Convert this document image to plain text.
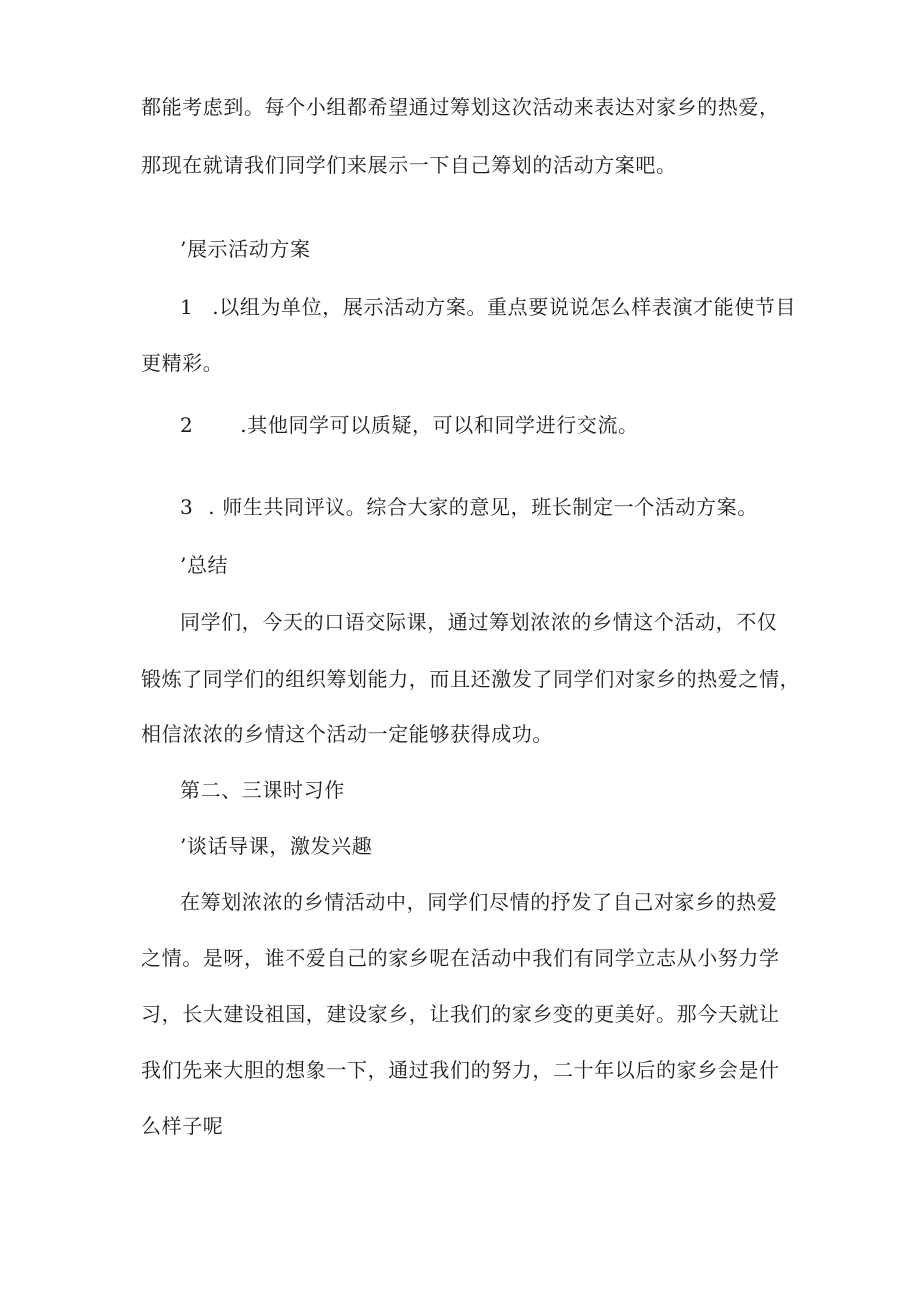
都能考虑到。每个小组都希望通过筹划这次活动来表达对家乡的热爱，
那现在就请我们同学们来展示一下自己筹划的活动方案吧。
’展示活动方案
1 .以组为单位，展示活动方案。重点要说说怎么样表演才能使节目
更精彩。
2 .其他同学可以质疑，可以和同学进行交流。
3 . 师生共同评议。综合大家的意见，班长制定一个活动方案。
’总结
同学们，今天的口语交际课，通过筹划浓浓的乡情这个活动，不仅
锻炼了同学们的组织筹划能力，而且还激发了同学们对家乡的热爱之情，
相信浓浓的乡情这个活动一定能够获得成功。
第二、三课时习作
’谈话导课，激发兴趣
在筹划浓浓的乡情活动中，同学们尽情的抒发了自己对家乡的热爱
之情。是呀，谁不爱自己的家乡呢在活动中我们有同学立志从小努力学
习，长大建设祖国，建设家乡，让我们的家乡变的更美好。那今天就让
我们先来大胆的想象一下，通过我们的努力，二十年以后的家乡会是什
么样子呢
